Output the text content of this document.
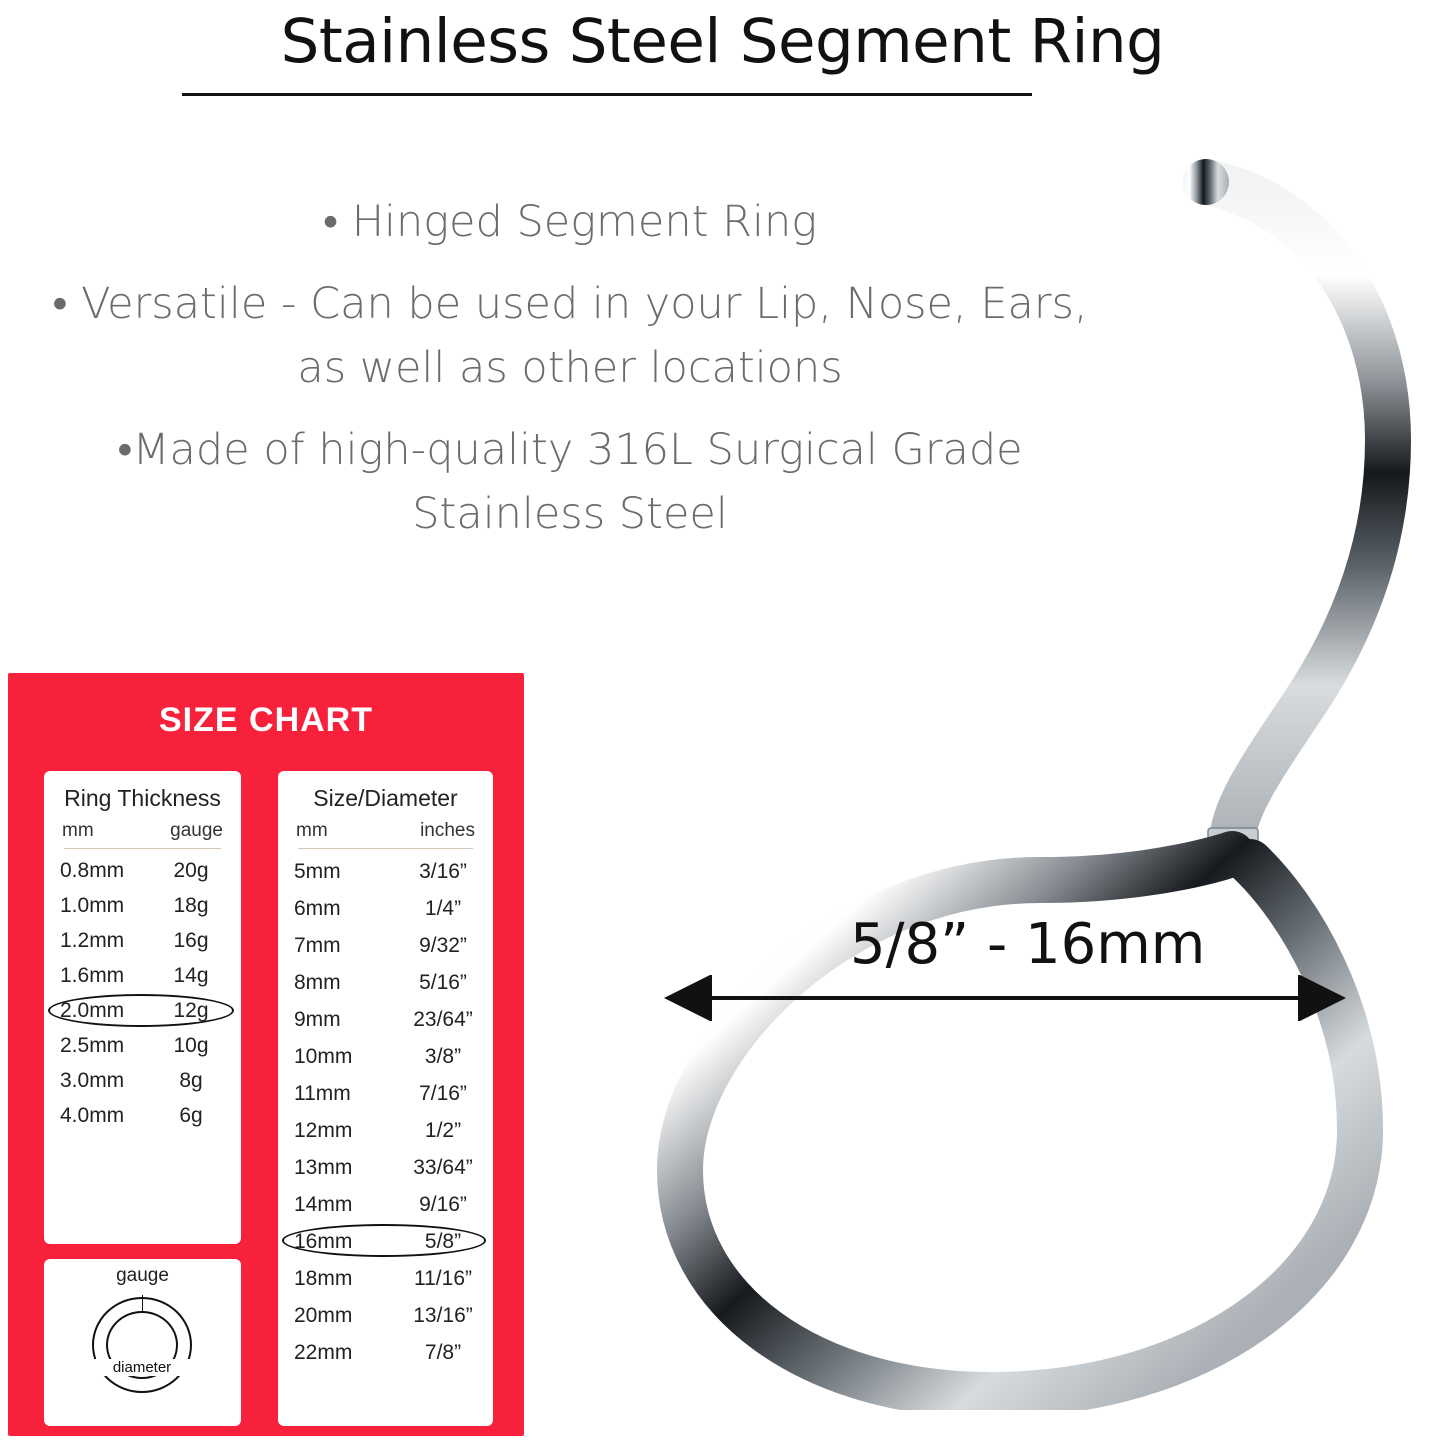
Stainless Steel Segment Ring
• Hinged Segment Ring
• Versatile - Can be used in your Lip, Nose, Ears, as well as other locations
•Made of high-quality 316L Surgical Grade Stainless Steel
SIZE CHART
Ring Thickness
mm	gauge
0.8mm	20g
1.0mm	18g
1.2mm	16g
1.6mm	14g
2.0mm	12g
2.5mm	10g
3.0mm	8g
4.0mm	6g
Size/Diameter
mm	inches
5mm	3/16”
6mm	1/4”
7mm	9/32”
8mm	5/16”
9mm	23/64”
10mm	3/8”
11mm	7/16”
12mm	1/2”
13mm	33/64”
14mm	9/16”
16mm	5/8”
18mm	11/16”
20mm	13/16”
22mm	7/8”
gauge
diameter
5/8” - 16mm
